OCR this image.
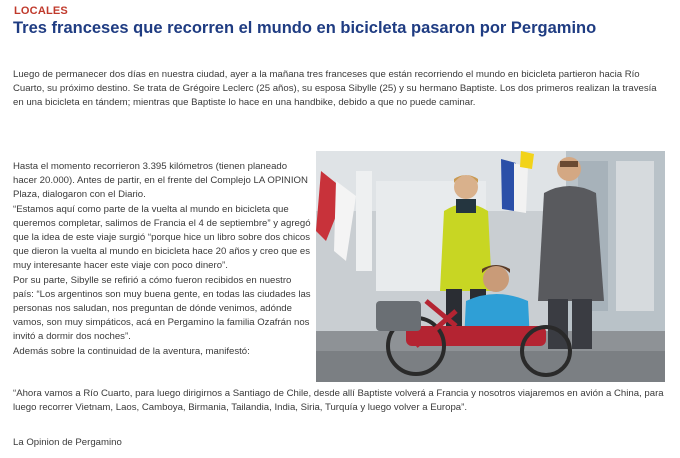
LOCALES
Tres franceses que recorren el mundo en bicicleta pasaron por Pergamino

Luego de permanecer dos días en nuestra ciudad, ayer a la mañana tres franceses que están recorriendo el mundo en bicicleta partieron hacia Río Cuarto, su próximo destino. Se trata de Grégoire Leclerc (25 años), su esposa Sibylle (25) y su hermano Baptiste. Los dos primeros realizan la travesía en una bicicleta en tándem; mientras que Baptiste lo hace en una handbike, debido a que no puede caminar.

Hasta el momento recorrieron 3.395 kilómetros (tienen planeado hacer 20.000). Antes de partir, en el frente del Complejo LA OPINION Plaza, dialogaron con el Diario.

“Estamos aquí como parte de la vuelta al mundo en bicicleta que queremos completar, salimos de Francia el 4 de septiembre” y agregó que la idea de este viaje surgió “porque hice un libro sobre dos chicos que dieron la vuelta al mundo en bicicleta hace 20 años y creo que es muy interesante hacer este viaje con poco dinero”.

Por su parte, Sibylle se refirió a cómo fueron recibidos en nuestro país: “Los argentinos son muy buena gente, en todas las ciudades las personas nos saludan, nos preguntan de dónde venimos, adónde vamos, son muy simpáticos, acá en Pergamino la familia Ozafrán nos invitó a dormir dos noches”.

Además sobre la continuidad de la aventura, manifestó:

“Ahora vamos a Río Cuarto, para luego dirigirnos a Santiago de Chile, desde allí Baptiste volverá a Francia y nosotros viajaremos en avión a China, para luego recorrer Vietnam, Laos, Camboya, Birmania, Tailandia, India, Siria, Turquía y luego volver a Europa”.

La Opinion de Pergamino
